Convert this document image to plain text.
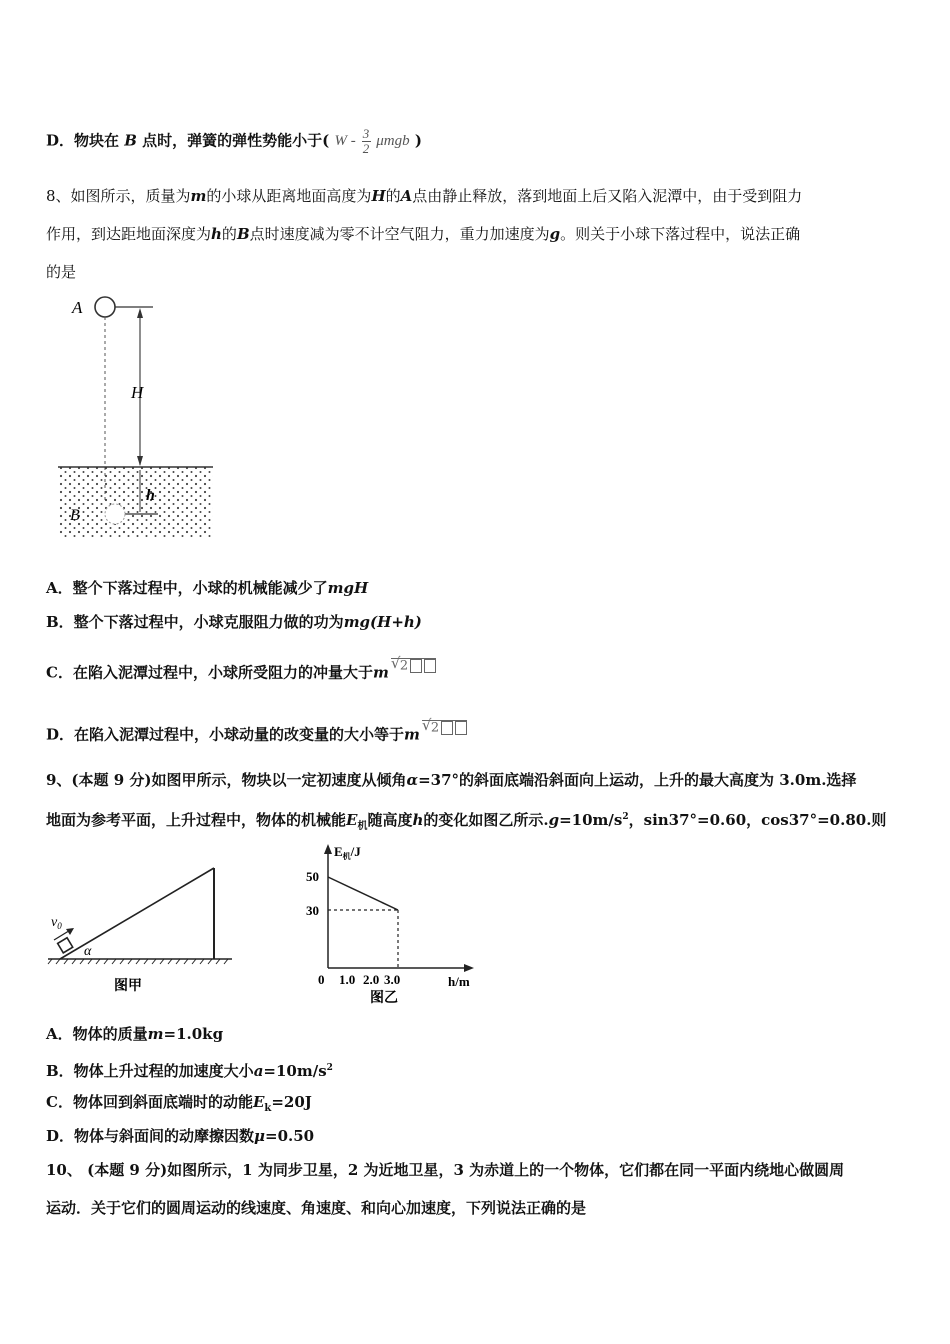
D．物块在 B 点时，弹簧的弹性势能小于( W - $\frac{3}{2}$ μmgb )
8、如图所示，质量为m的小球从距离地面高度为H的A点由静止释放，落到地面上后又陷入泥潭中，由于受到阻力
作用，到达距地面深度为h的B点时速度减为零不计空气阻力，重力加速度为g。则关于小球下落过程中，说法正确
的是
A
H
h
B
A．整个下落过程中，小球的机械能减少了mgH
B．整个下落过程中，小球克服阻力做的功为mg(H+h)
C．在陷入泥潭过程中，小球所受阻力的冲量大于m √ 2
D．在陷入泥潭过程中，小球动量的改变量的大小等于m √ 2
9、(本题 9 分)如图甲所示，物块以一定初速度从倾角α=37°的斜面底端沿斜面向上运动，上升的最大高度为 3.0m.选择
地面为参考平面，上升过程中，物体的机械能$E_机$随高度h的变化如图乙所示$.g=10m/s^2$，sin37°=0.60，cos37°=0.80.则
$v_0$
α
图甲
$E_机/J$
50
30
0 1.0 2.0 3.0	h/m
图乙
A．物体的质量m=1.0kg
B．物体上升过程的加速度大小$a=10m/s^2$
C．物体回到斜面底端时的动能$E_k=20J$
D．物体与斜面间的动摩擦因数μ=0.50
10、 (本题 9 分)如图所示，1 为同步卫星，2 为近地卫星，3 为赤道上的一个物体，它们都在同一平面内绕地心做圆周
运动．关于它们的圆周运动的线速度、角速度、和向心加速度，下列说法正确的是
